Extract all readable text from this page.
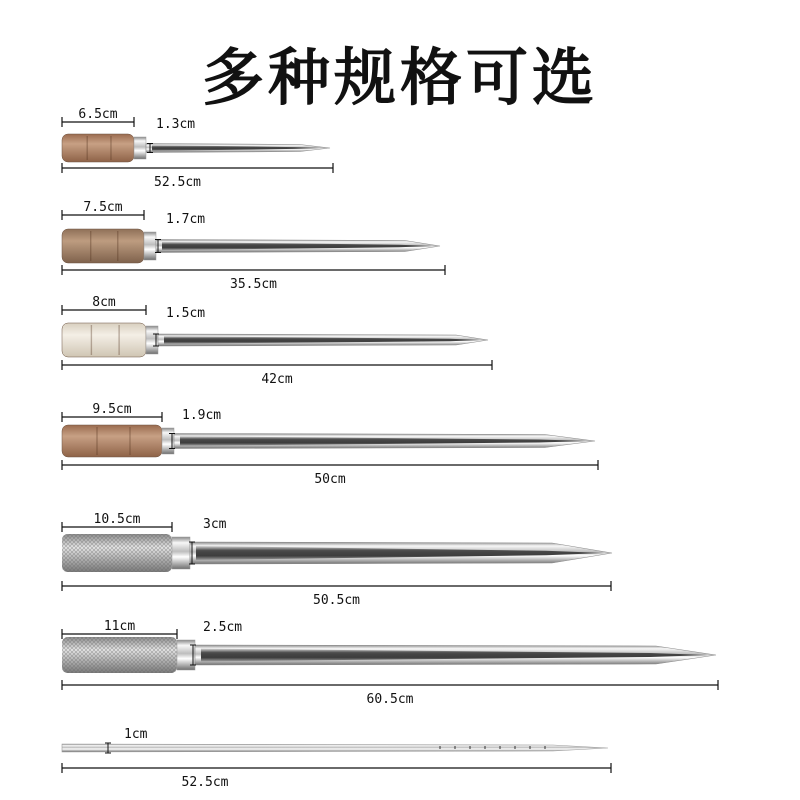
多种规格可选
6.5cm
1.3cm
52.5cm
7.5cm
1.7cm
35.5cm
8cm
1.5cm
42cm
9.5cm	1.9cm
50cm
10.5cm	3cm
50.5cm
11cm	2.5cm
60.5cm
1cm
52.5cm
